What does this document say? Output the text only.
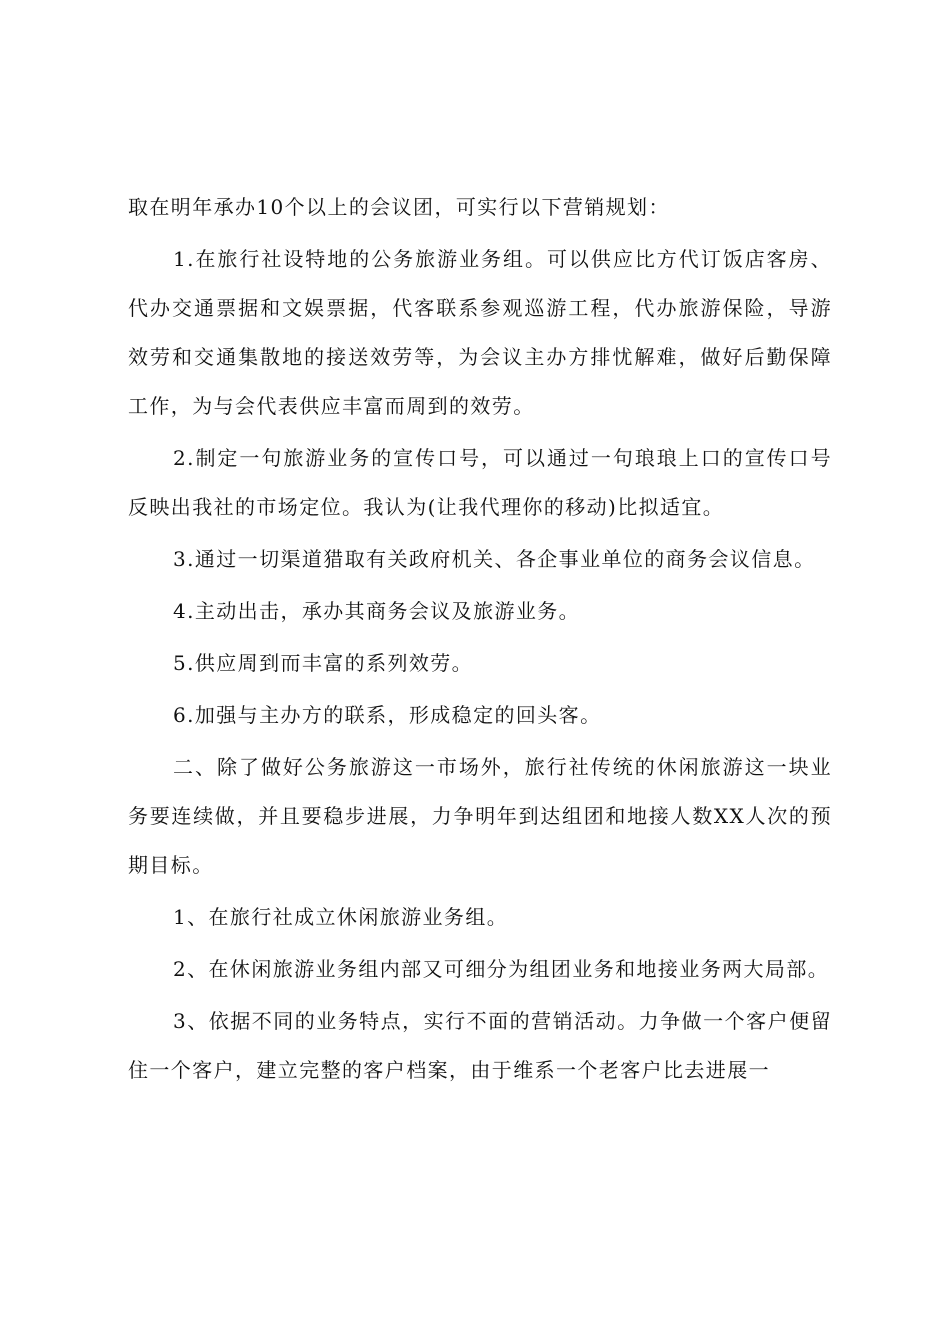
取在明年承办10个以上的会议团，可实行以下营销规划：

1.在旅行社设特地的公务旅游业务组。可以供应比方代订饭店客房、代办交通票据和文娱票据，代客联系参观巡游工程，代办旅游保险，导游效劳和交通集散地的接送效劳等，为会议主办方排忧解难，做好后勤保障工作，为与会代表供应丰富而周到的效劳。

2.制定一句旅游业务的宣传口号，可以通过一句琅琅上口的宣传口号反映出我社的市场定位。我认为(让我代理你的移动)比拟适宜。

3.通过一切渠道猎取有关政府机关、各企事业单位的商务会议信息。

4.主动出击，承办其商务会议及旅游业务。

5.供应周到而丰富的系列效劳。

6.加强与主办方的联系，形成稳定的回头客。

二、除了做好公务旅游这一市场外，旅行社传统的休闲旅游这一块业务要连续做，并且要稳步进展，力争明年到达组团和地接人数XX人次的预期目标。

1、在旅行社成立休闲旅游业务组。

2、在休闲旅游业务组内部又可细分为组团业务和地接业务两大局部。

3、依据不同的业务特点，实行不面的营销活动。力争做一个客户便留住一个客户，建立完整的客户档案，由于维系一个老客户比去进展一
